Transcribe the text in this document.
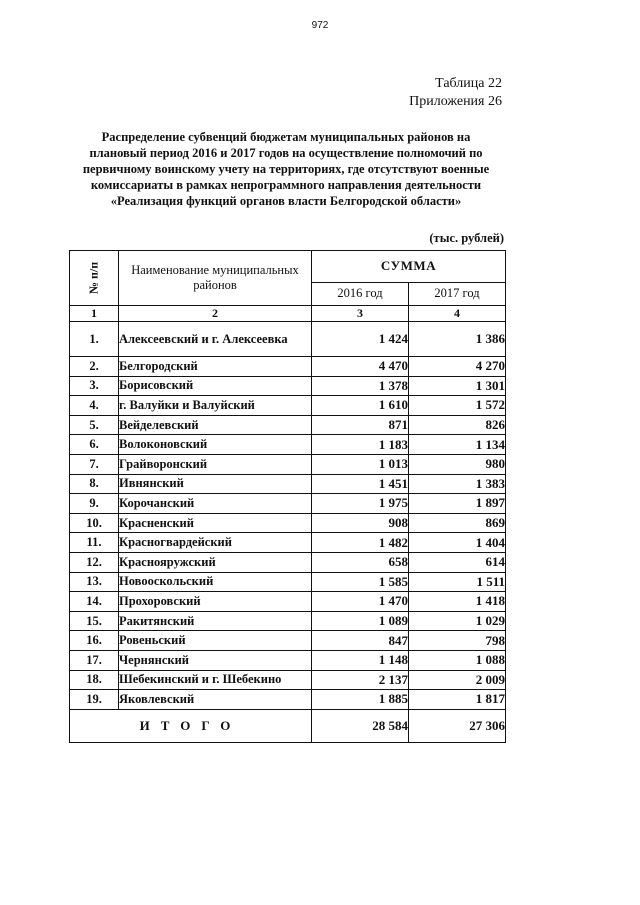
972
Таблица 22
Приложения 26
Распределение субвенций бюджетам муниципальных районов на
плановый период 2016 и 2017 годов на осуществление полномочий по
первичному воинскому учету на территориях, где отсутствуют военные
комиссариаты в рамках непрограммного направления деятельности
«Реализация функций органов власти Белгородской области»
(тыс. рублей)
№ п/п	Наименование муниципальных
районов	СУММА	
		2016 год	2017 год
1	2	3	4
1.	Алексеевский и г. Алексеевка	1 424	1 386
2.	Белгородский	4 470	4 270
3.	Борисовский	1 378	1 301
4.	г. Валуйки и Валуйский	1 610	1 572
5.	Вейделевский	871	826
6.	Волоконовский	1 183	1 134
7.	Грайворонский	1 013	980
8.	Ивнянский	1 451	1 383
9.	Корочанский	1 975	1 897
10.	Красненский	908	869
11.	Красногвардейский	1 482	1 404
12.	Краснояружский	658	614
13.	Новооскольский	1 585	1 511
14.	Прохоровский	1 470	1 418
15.	Ракитянский	1 089	1 029
16.	Ровеньский	847	798
17.	Чернянский	1 148	1 088
18.	Шебекинский и г. Шебекино	2 137	2 009
19.	Яковлевский	1 885	1 817
ИТОГО		28 584	27 306
